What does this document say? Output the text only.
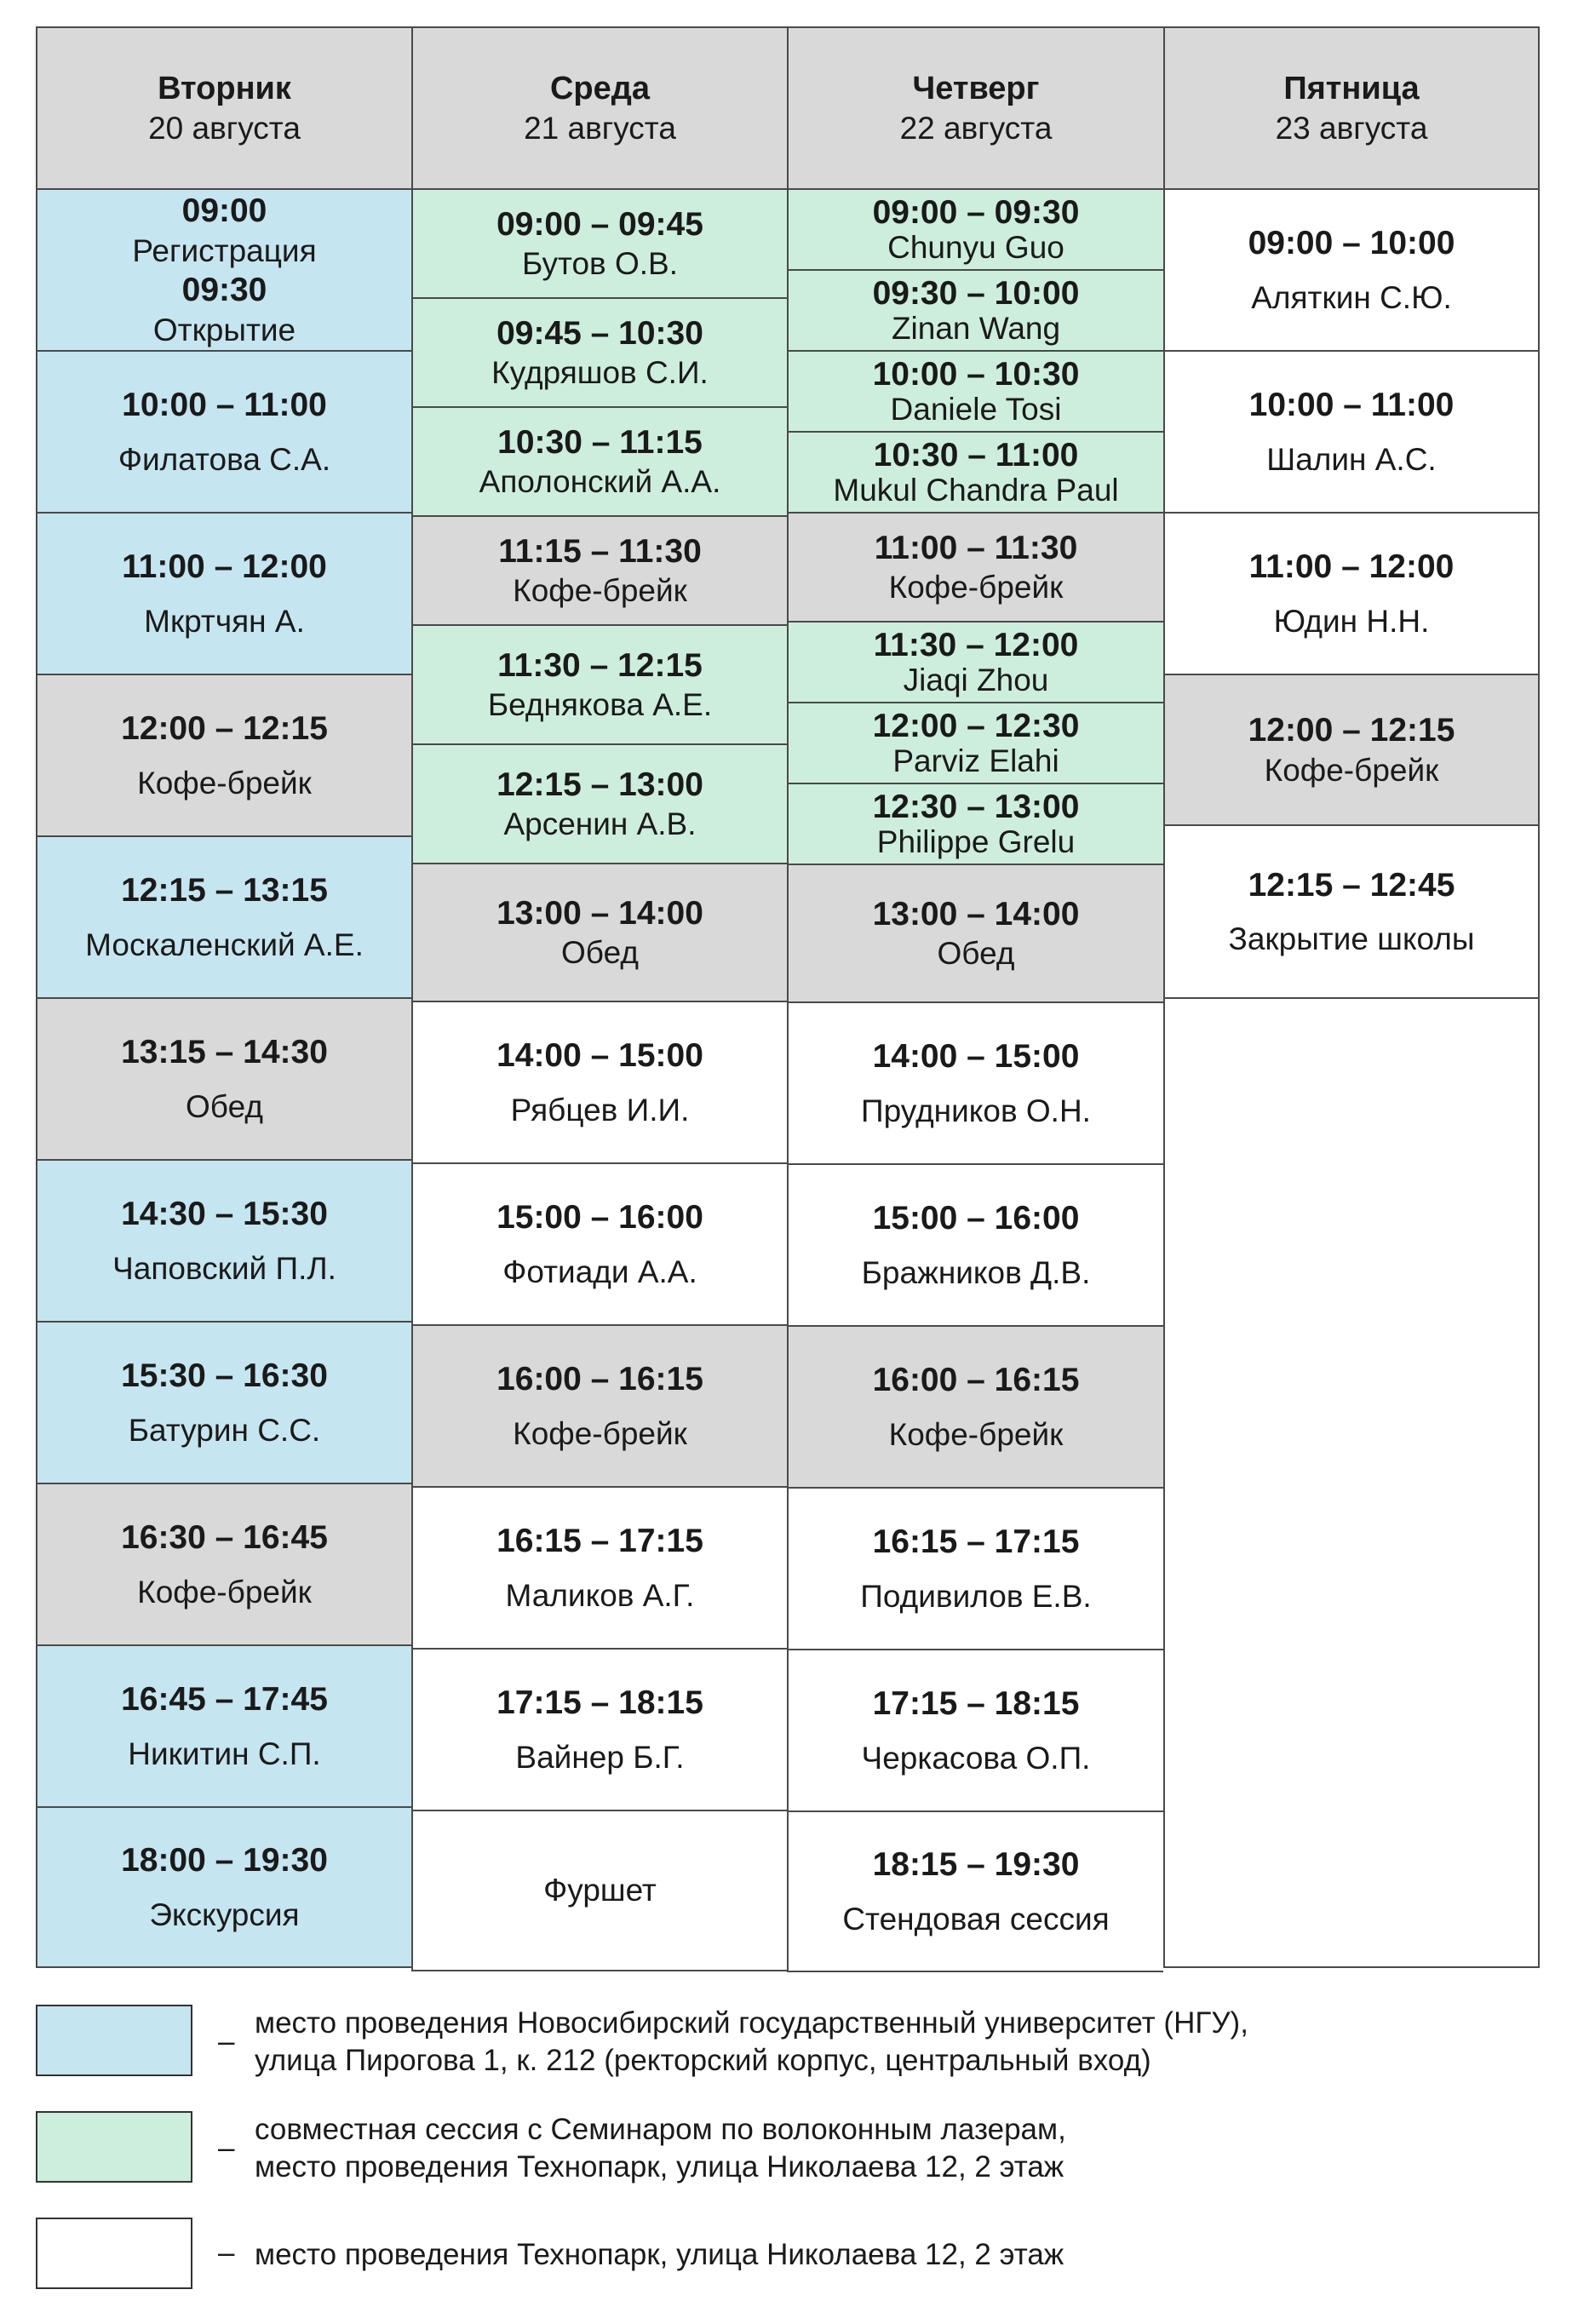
Вторник
20 августа
09:00
Регистрация
09:30
Открытие
10:00 – 11:00
Филатова С.А.
11:00 – 12:00
Мкртчян А.
12:00 – 12:15
Кофе-брейк
12:15 – 13:15
Москаленский А.Е.
13:15 – 14:30
Обед
14:30 – 15:30
Чаповский П.Л.
15:30 – 16:30
Батурин С.С.
16:30 – 16:45
Кофе-брейк
16:45 – 17:45
Никитин С.П.
18:00 – 19:30
Экскурсия
Среда
21 августа
09:00 – 09:45
Бутов О.В.
09:45 – 10:30
Кудряшов С.И.
10:30 – 11:15
Аполонский А.А.
11:15 – 11:30
Кофе-брейк
11:30 – 12:15
Беднякова А.Е.
12:15 – 13:00
Арсенин А.В.
13:00 – 14:00
Обед
14:00 – 15:00
Рябцев И.И.
15:00 – 16:00
Фотиади А.А.
16:00 – 16:15
Кофе-брейк
16:15 – 17:15
Маликов А.Г.
17:15 – 18:15
Вайнер Б.Г.
Фуршет
Четверг
22 августа
09:00 – 09:30
Chunyu Guo
09:30 – 10:00
Zinan Wang
10:00 – 10:30
Daniele Tosi
10:30 – 11:00
Mukul Chandra Paul
11:00 – 11:30
Кофе-брейк
11:30 – 12:00
Jiaqi Zhou
12:00 – 12:30
Parviz Elahi
12:30 – 13:00
Philippe Grelu
13:00 – 14:00
Обед
14:00 – 15:00
Прудников О.Н.
15:00 – 16:00
Бражников Д.В.
16:00 – 16:15
Кофе-брейк
16:15 – 17:15
Подивилов Е.В.
17:15 – 18:15
Черкасова О.П.
18:15 – 19:30
Стендовая сессия
Пятница
23 августа
09:00 – 10:00
Аляткин С.Ю.
10:00 – 11:00
Шалин А.С.
11:00 – 12:00
Юдин Н.Н.
12:00 – 12:15
Кофе-брейк
12:15 – 12:45
Закрытие школы
–
место проведения Новосибирский государственный университет (НГУ),
улица Пирогова 1, к. 212 (ректорский корпус, центральный вход)
–
совместная сессия с Семинаром по волоконным лазерам,
место проведения Технопарк, улица Николаева 12, 2 этаж
– место проведения Технопарк, улица Николаева 12, 2 этаж
